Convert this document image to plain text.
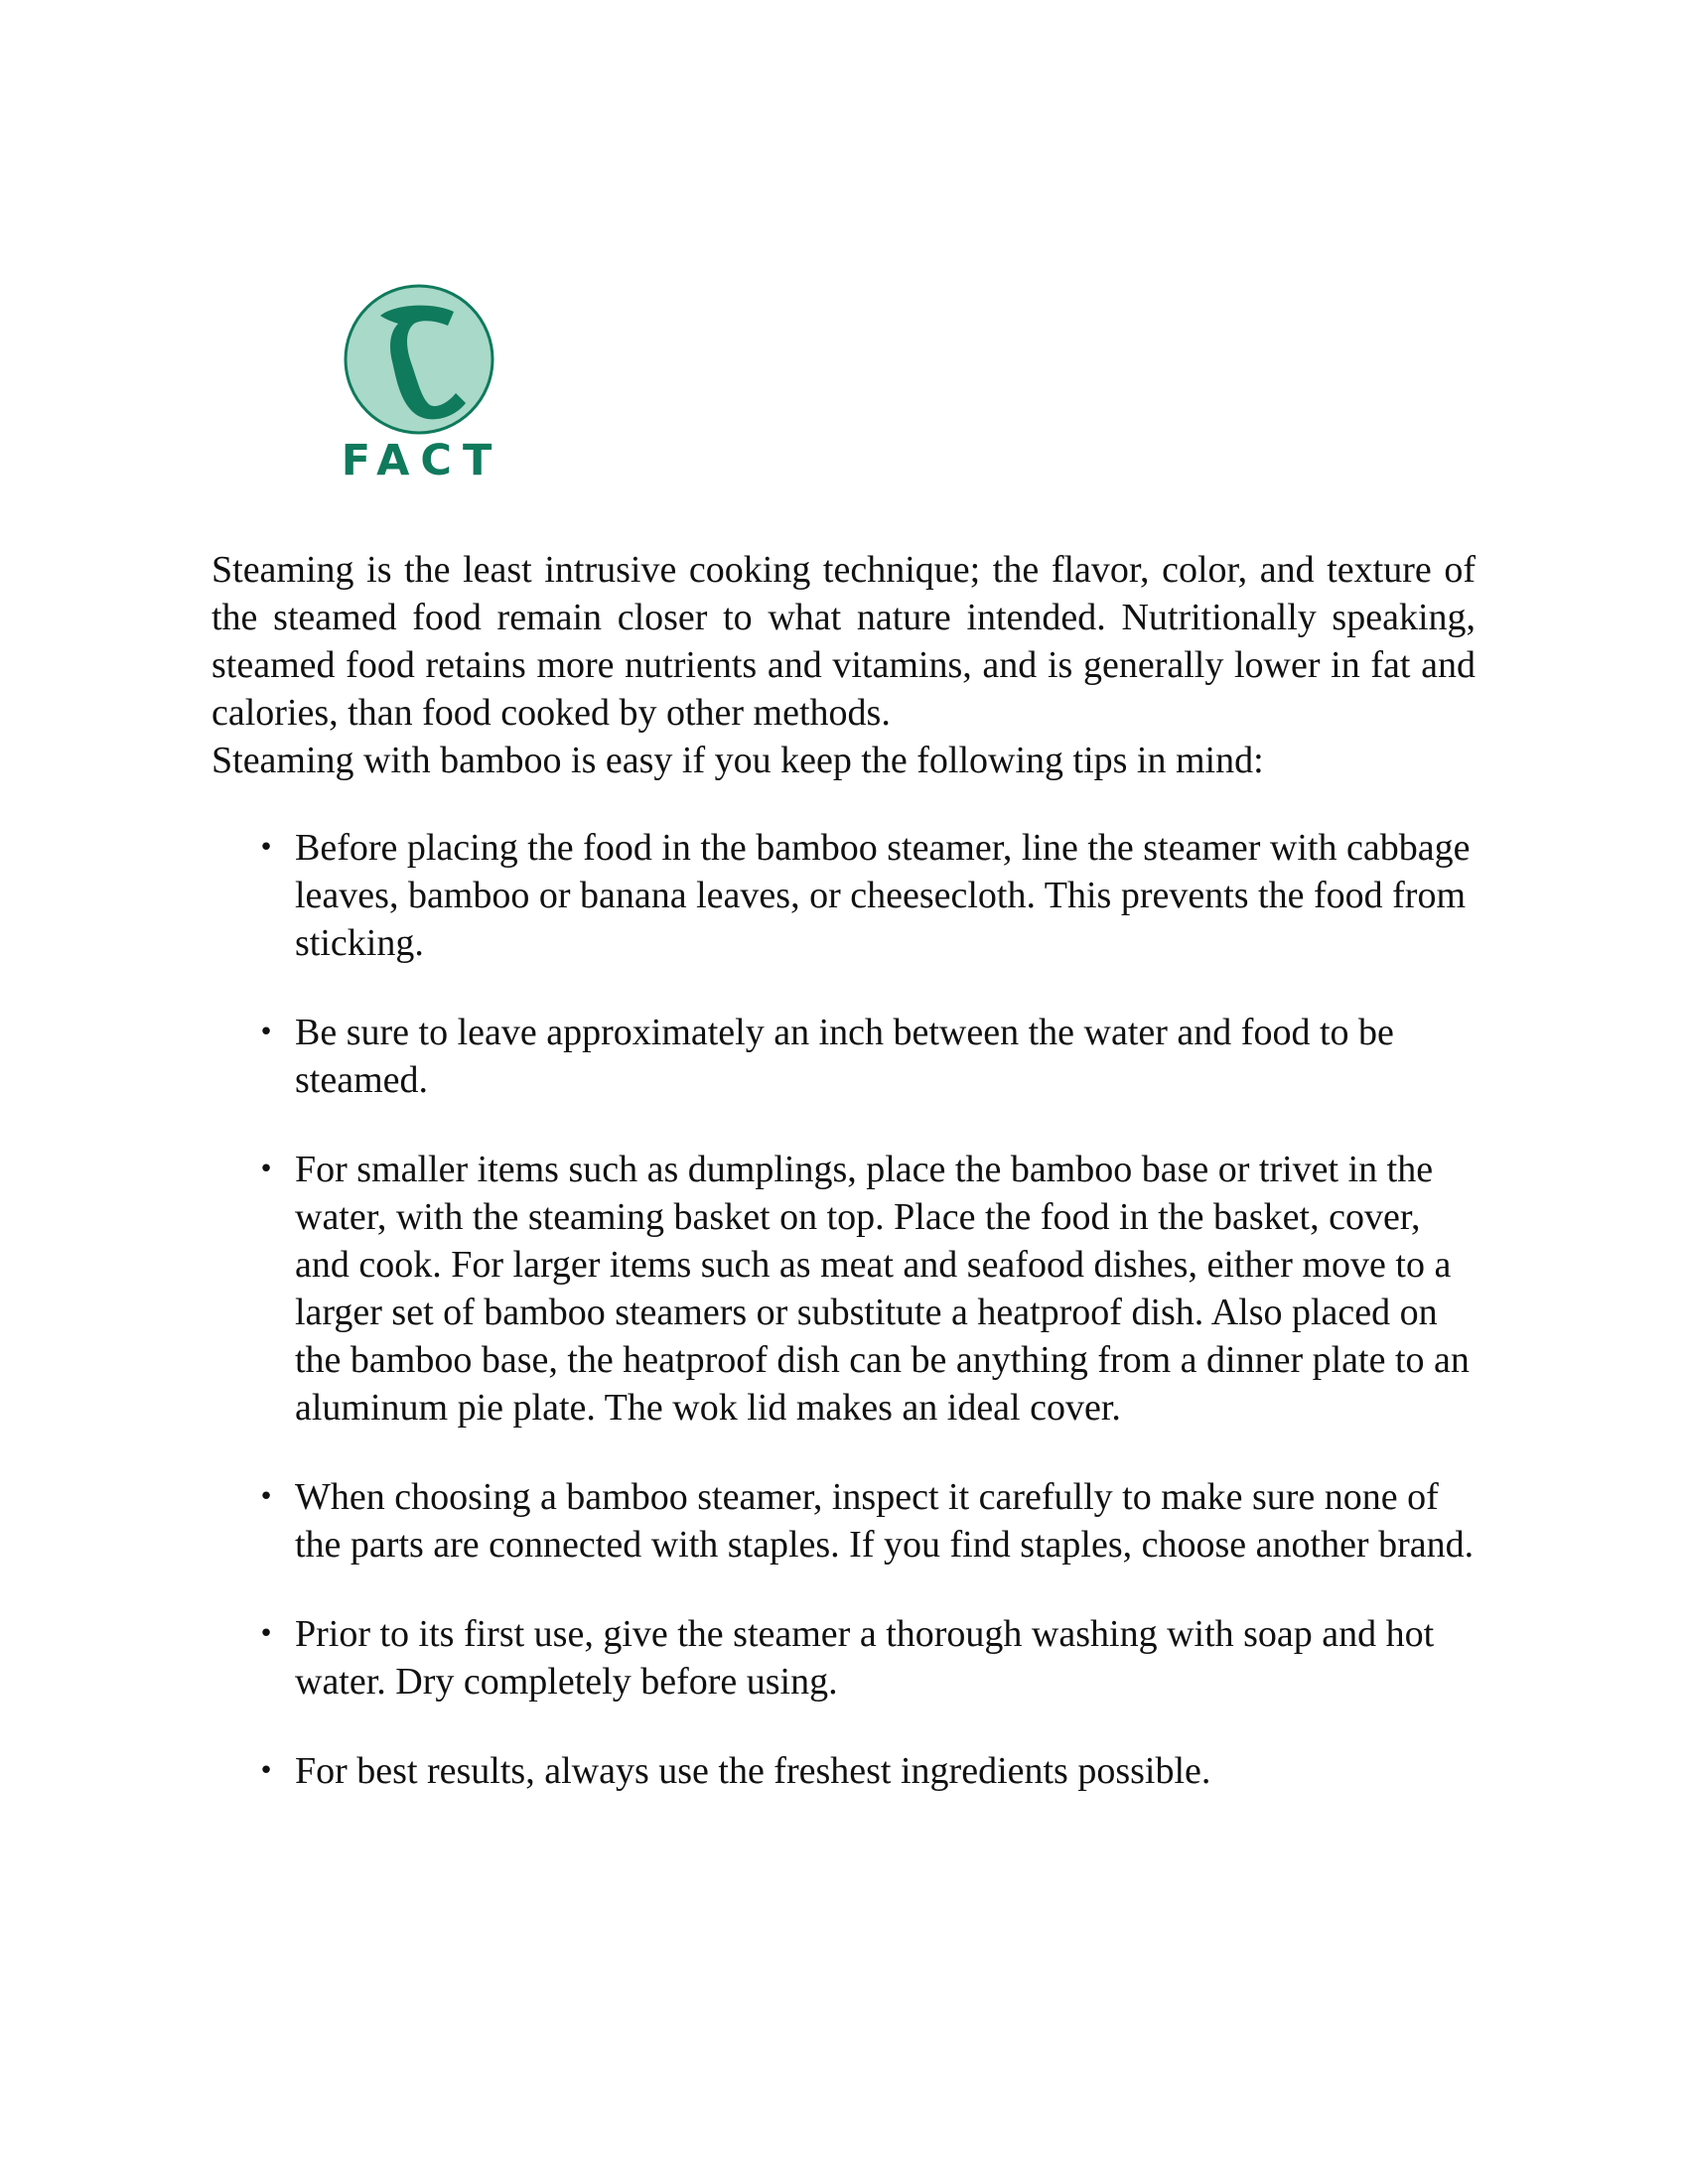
FACT

Steaming is the least intrusive cooking technique; the flavor, color, and texture of the steamed food remain closer to what nature intended. Nutritionally speaking, steamed food retains more nutrients and vitamins, and is generally lower in fat and calories, than food cooked by other methods.

Steaming with bamboo is easy if you keep the following tips in mind:

• Before placing the food in the bamboo steamer, line the steamer with cabbage leaves, bamboo or banana leaves, or cheesecloth. This prevents the food from sticking.
• Be sure to leave approximately an inch between the water and food to be steamed.
• For smaller items such as dumplings, place the bamboo base or trivet in the water, with the steaming basket on top. Place the food in the basket, cover, and cook. For larger items such as meat and seafood dishes, either move to a larger set of bamboo steamers or substitute a heatproof dish. Also placed on the bamboo base, the heatproof dish can be anything from a dinner plate to an aluminum pie plate. The wok lid makes an ideal cover.
• When choosing a bamboo steamer, inspect it carefully to make sure none of the parts are connected with staples. If you find staples, choose another brand.
• Prior to its first use, give the steamer a thorough washing with soap and hot water. Dry completely before using.
• For best results, always use the freshest ingredients possible.
